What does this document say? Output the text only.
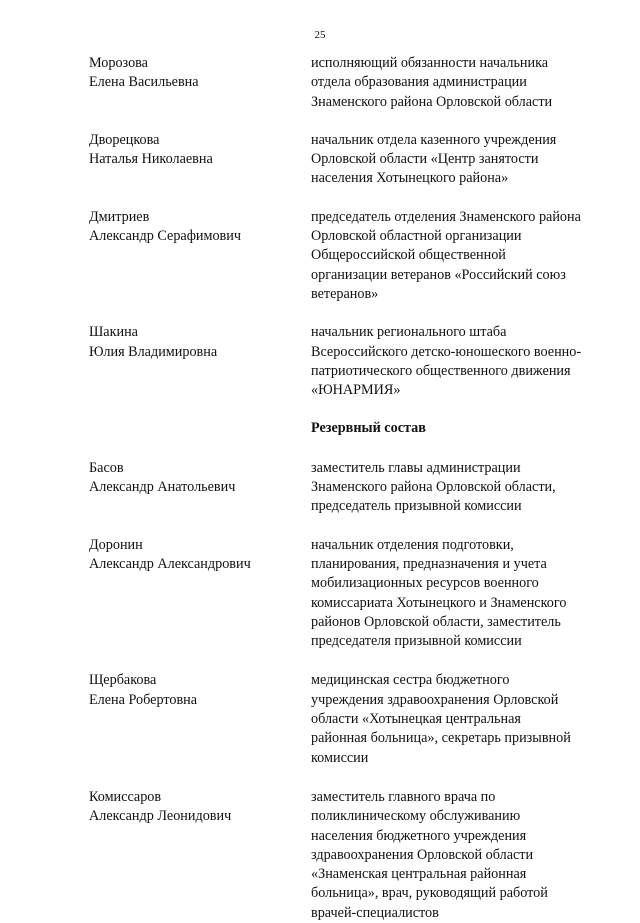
25
Морозова
Елена Васильевна
исполняющий обязанности начальника
отдела образования администрации
Знаменского района Орловской области
Дворецкова
Наталья Николаевна
начальник отдела казенного учреждения
Орловской области «Центр занятости
населения Хотынецкого района»
Дмитриев
Александр Серафимович
председатель отделения Знаменского района
Орловской областной организации
Общероссийской общественной
организации ветеранов «Российский союз
ветеранов»
Шакина
Юлия Владимировна
начальник регионального штаба
Всероссийского детско-юношеского военно-
патриотического общественного движения
«ЮНАРМИЯ»
Резервный состав
Басов
Александр Анатольевич
заместитель главы администрации
Знаменского района Орловской области,
председатель призывной комиссии
Доронин
Александр Александрович
начальник отделения подготовки,
планирования, предназначения и учета
мобилизационных ресурсов военного
комиссариата Хотынецкого и Знаменского
районов Орловской области, заместитель
председателя призывной комиссии
Щербакова
Елена Робертовна
медицинская сестра бюджетного
учреждения здравоохранения Орловской
области «Хотынецкая центральная
районная больница», секретарь призывной
комиссии
Комиссаров
Александр Леонидович
заместитель главного врача по
поликлиническому обслуживанию
населения бюджетного учреждения
здравоохранения Орловской области
«Знаменская центральная районная
больница», врач, руководящий работой
врачей-специалистов
